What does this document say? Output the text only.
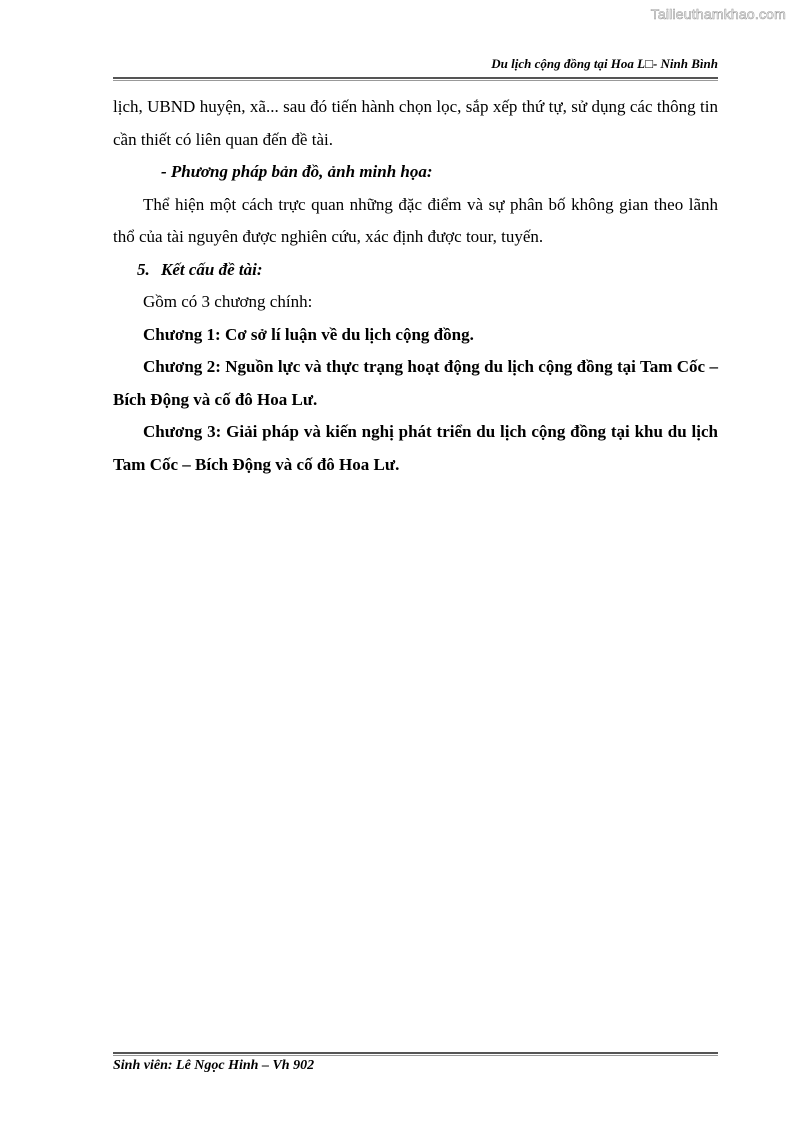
Tailieuthamkhao.com
Du lịch cộng đồng tại Hoa L□- Ninh Bình

lịch, UBND huyện, xã... sau đó tiến hành chọn lọc, sắp xếp thứ tự, sử dụng các thông tin cần thiết có liên quan đến đề tài.

- Phương pháp bản đồ, ảnh minh họa:

Thể hiện một cách trực quan những đặc điểm và sự phân bố không gian theo lãnh thổ của tài nguyên được nghiên cứu, xác định được tour, tuyến.

5. Kết cấu đề tài:

Gồm có 3 chương chính:

Chương 1: Cơ sở lí luận về du lịch cộng đồng.

Chương 2: Nguồn lực và thực trạng hoạt động du lịch cộng đồng tại Tam Cốc – Bích Động và cố đô Hoa Lư.

Chương 3: Giải pháp và kiến nghị phát triển du lịch cộng đồng tại khu du lịch Tam Cốc – Bích Động và cố đô Hoa Lư.

Sinh viên: Lê Ngọc Hinh – Vh 902
